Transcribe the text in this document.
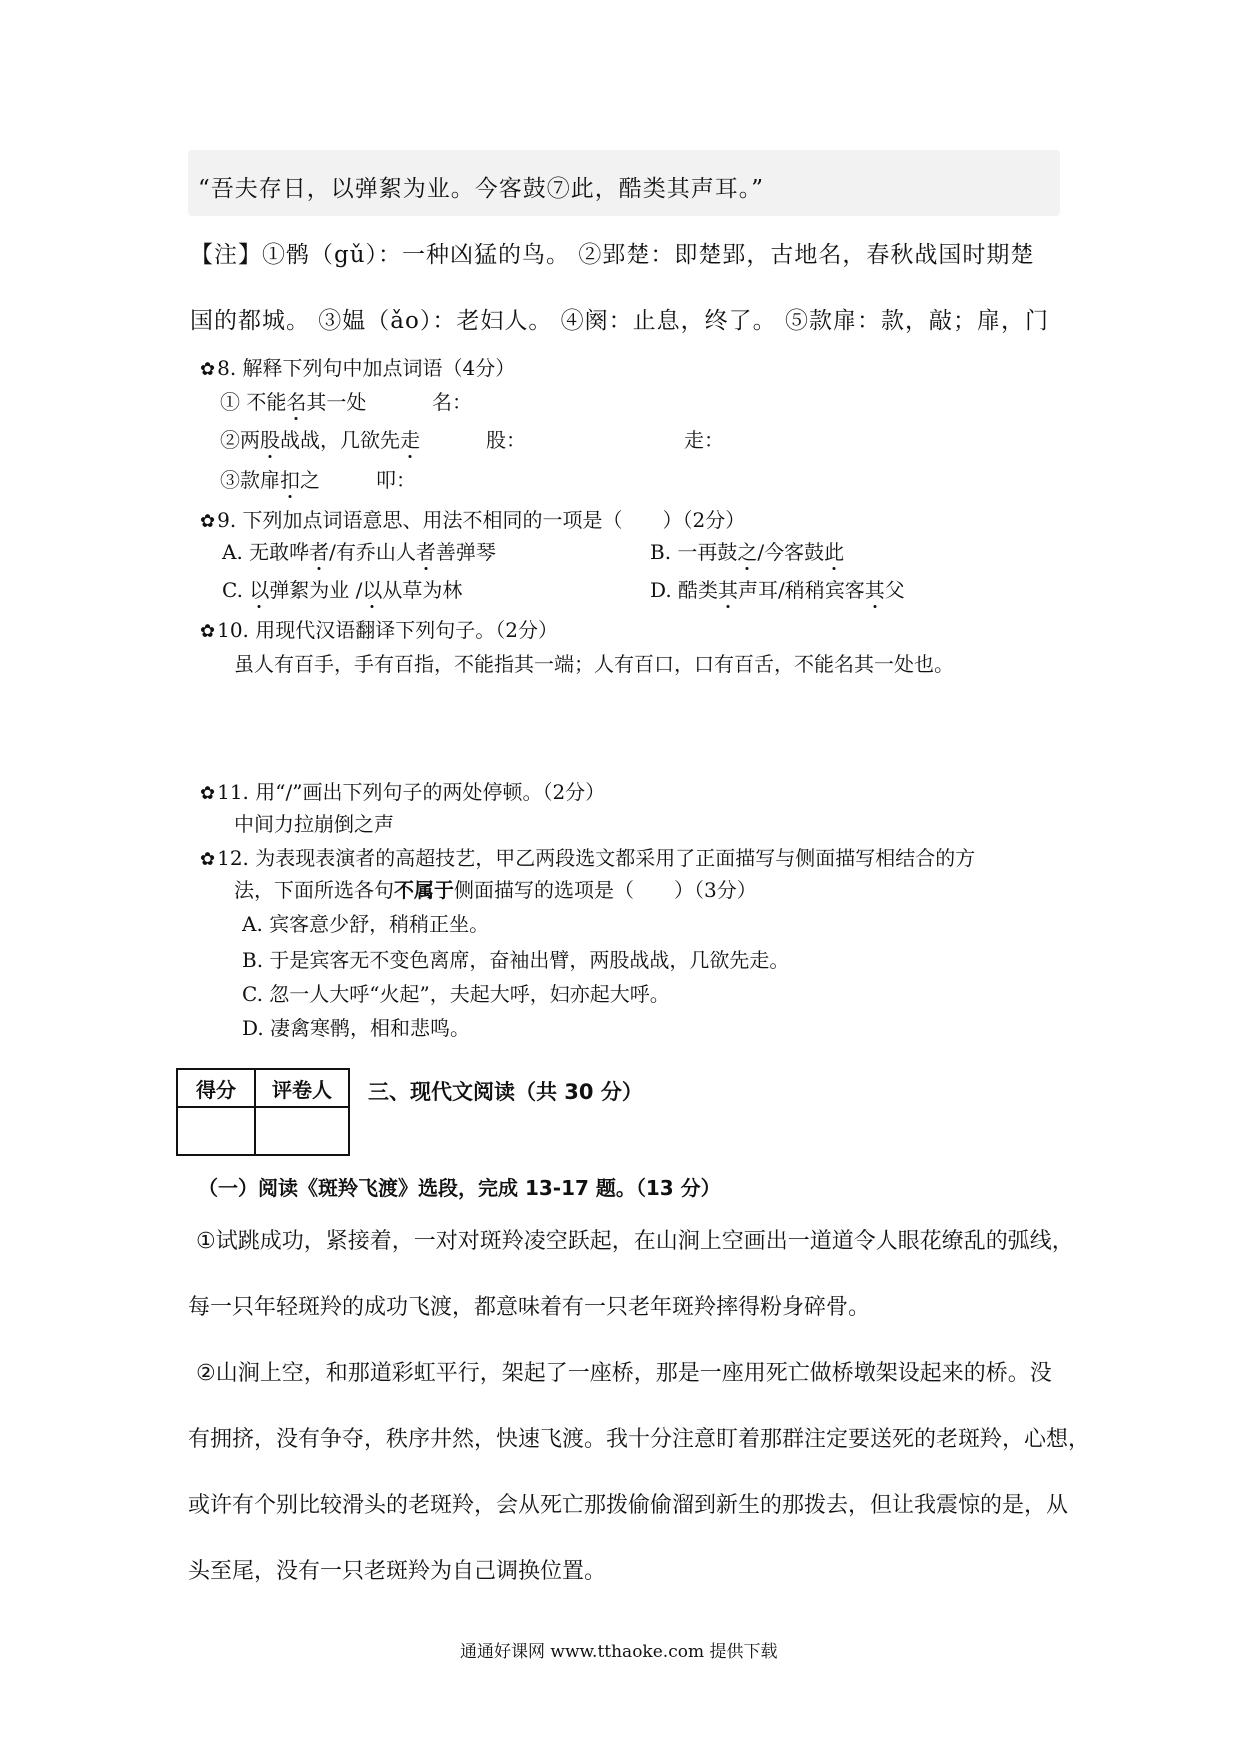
“吾夫存日，以弹絮为业。今客鼓⑦此，酷类其声耳。”
【注】①鹘（gǔ）：一种凶猛的鸟。 ②郢楚：即楚郢，古地名，春秋战国时期楚
国的都城。 ③媪（ǎo）：老妇人。 ④阕：止息，终了。 ⑤款扉：款，敲；扉，门
✿ 8. 解释下列句中加点词语（4分）
① 不能名其一处	名：
②两股战战，几欲先走	股：	走：
③款扉扣之	叩：
✿ 9. 下列加点词语意思、用法不相同的一项是（　　）（2分）
A. 无敢哗者/有乔山人者善弹琴	B. 一再鼓之/今客鼓此
C. 以弹絮为业 /以从草为林	D. 酷类其声耳/稍稍宾客其父
✿ 10. 用现代汉语翻译下列句子。（2分）
虽人有百手，手有百指，不能指其一端；人有百口，口有百舌，不能名其一处也。
✿ 11. 用“/”画出下列句子的两处停顿。（2分）
中间力拉崩倒之声
✿ 12. 为表现表演者的高超技艺，甲乙两段选文都采用了正面描写与侧面描写相结合的方
法，下面所选各句不属于侧面描写的选项是（　　）（3分）
A. 宾客意少舒，稍稍正坐。
B. 于是宾客无不变色离席，奋袖出臂，两股战战，几欲先走。
C. 忽一人大呼“火起”，夫起大呼，妇亦起大呼。
D. 凄禽寒鹘，相和悲鸣。
得分	评卷人
	三、现代文阅读（共 30 分）
（一）阅读《斑羚飞渡》选段，完成 13-17 题。（13 分）
①试跳成功，紧接着，一对对斑羚凌空跃起，在山涧上空画出一道道令人眼花缭乱的弧线，
每一只年轻斑羚的成功飞渡，都意味着有一只老年斑羚摔得粉身碎骨。
②山涧上空，和那道彩虹平行，架起了一座桥，那是一座用死亡做桥墩架设起来的桥。没
有拥挤，没有争夺，秩序井然，快速飞渡。我十分注意盯着那群注定要送死的老斑羚，心想，
或许有个别比较滑头的老斑羚，会从死亡那拨偷偷溜到新生的那拨去，但让我震惊的是，从
头至尾，没有一只老斑羚为自己调换位置。
通通好课网 www.tthaoke.com 提供下载
